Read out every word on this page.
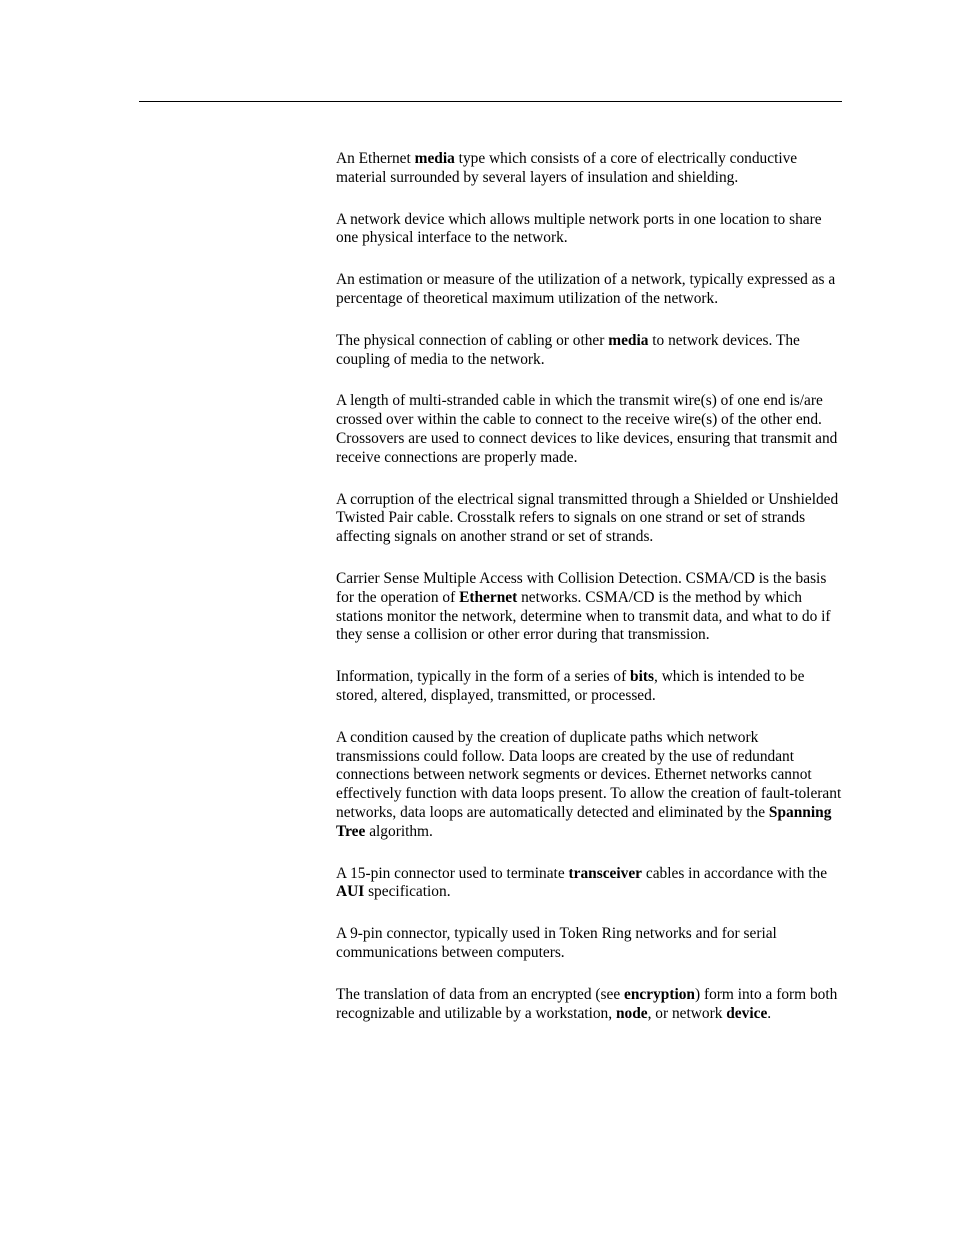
An Ethernet media type which consists of a core of electrically conductive material surrounded by several layers of insulation and shielding.

A network device which allows multiple network ports in one location to share one physical interface to the network.

An estimation or measure of the utilization of a network, typically expressed as a percentage of theoretical maximum utilization of the network.

The physical connection of cabling or other media to network devices. The coupling of media to the network.

A length of multi-stranded cable in which the transmit wire(s) of one end is/are crossed over within the cable to connect to the receive wire(s) of the other end. Crossovers are used to connect devices to like devices, ensuring that transmit and receive connections are properly made.

A corruption of the electrical signal transmitted through a Shielded or Unshielded Twisted Pair cable. Crosstalk refers to signals on one strand or set of strands affecting signals on another strand or set of strands.

Carrier Sense Multiple Access with Collision Detection. CSMA/CD is the basis for the operation of Ethernet networks. CSMA/CD is the method by which stations monitor the network, determine when to transmit data, and what to do if they sense a collision or other error during that transmission.

Information, typically in the form of a series of bits, which is intended to be stored, altered, displayed, transmitted, or processed.

A condition caused by the creation of duplicate paths which network transmissions could follow. Data loops are created by the use of redundant connections between network segments or devices. Ethernet networks cannot effectively function with data loops present. To allow the creation of fault-tolerant networks, data loops are automatically detected and eliminated by the Spanning Tree algorithm.

A 15-pin connector used to terminate transceiver cables in accordance with the AUI specification.

A 9-pin connector, typically used in Token Ring networks and for serial communications between computers.

The translation of data from an encrypted (see encryption) form into a form both recognizable and utilizable by a workstation, node, or network device.
